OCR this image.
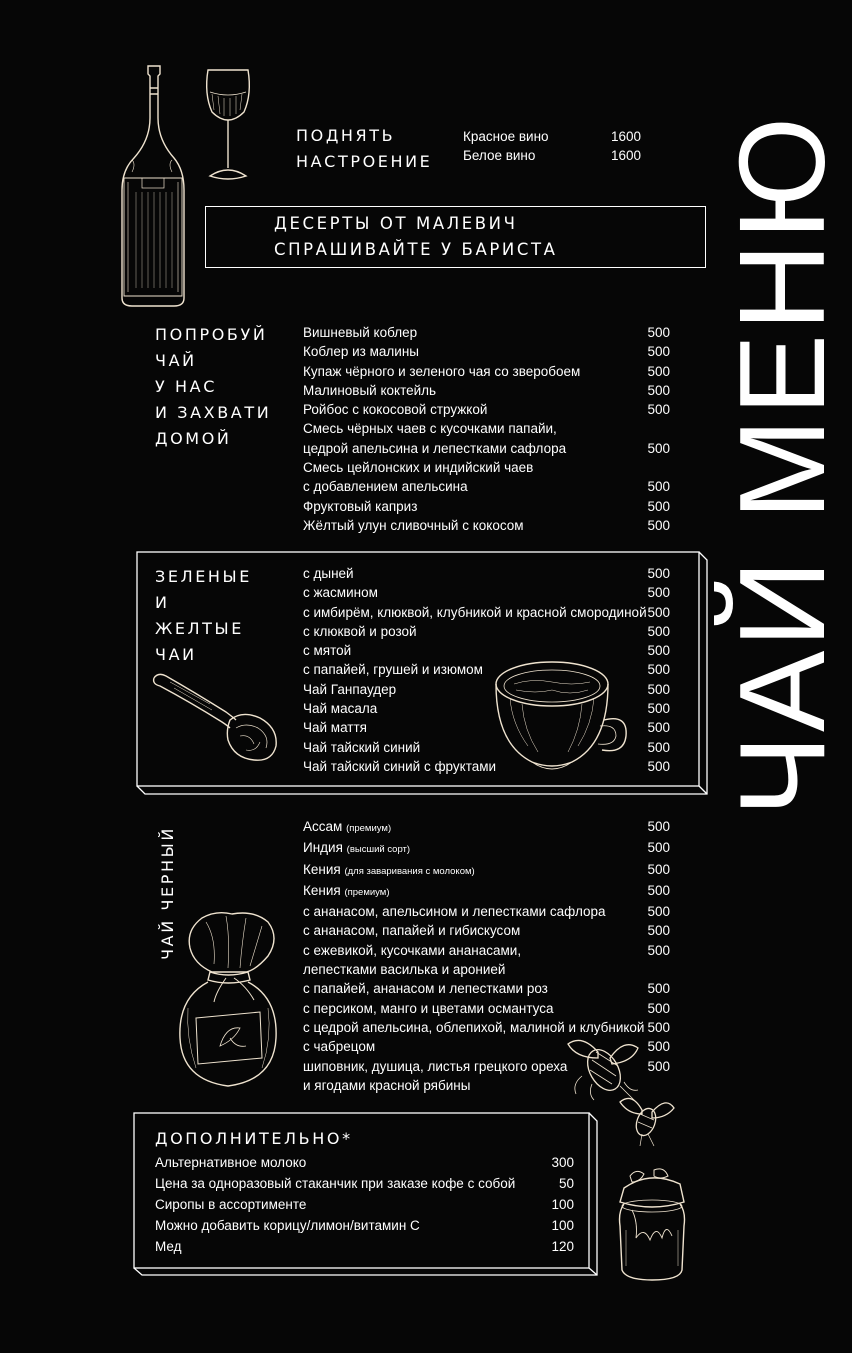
ЧАЙ МЕНЮ
ПОДНЯТЬ
НАСТРОЕНИЕ
Красное вино	1600
Белое вино	1600
ДЕСЕРТЫ ОТ МАЛЕВИЧ
СПРАШИВАЙТЕ У БАРИСТА
ПОПРОБУЙ
ЧАЙ
У НАС
И ЗАХВАТИ
ДОМОЙ
Вишневый коблер	500
Коблер из малины	500
Купаж чёрного и зеленого чая со зверобоем	500
Малиновый коктейль	500
Ройбос с кокосовой стружкой	500
Смесь чёрных чаев с кусочками папайи,
цедрой апельсина и лепестками сафлора	500
Смесь цейлонских и индийский чаев
с добавлением апельсина	500
Фруктовый каприз	500
Жёлтый улун сливочный с кокосом	500
ЗЕЛЕНЫЕ
И
ЖЕЛТЫЕ
ЧАИ
с дыней	500
с жасмином	500
с имбирём, клюквой, клубникой и красной смородиной 500
с клюквой и розой	500
с мятой	500
с папайей, грушей и изюмом	500
Чай Ганпаудер	500
Чай масала	500
Чай маття	500
Чай тайский синий	500
Чай тайский синий с фруктами	500
ЧАЙ ЧЕРНЫЙ	Ассам (премиум)	500
Индия (высший сорт)	500
Кения (для заваривания с молоком)	500
Кения (премиум)	500
с ананасом, апельсином и лепестками сафлора	500
с ананасом, папайей и гибискусом	500
с ежевикой, кусочками ананасами,	500
лепестками василька и аронией
с папайей, ананасом и лепестками роз	500
с персиком, манго и цветами османтуса	500
с цедрой апельсина, облепихой, малиной и клубникой 500
с чабрецом	500
шиповник, душица, листья грецкого ореха	500
и ягодами красной рябины
ДОПОЛНИТЕЛЬНО*
Альтернативное молоко	300
Цена за одноразовый стаканчик при заказе кофе с собой	50
Сиропы в ассортименте	100
Можно добавить корицу/лимон/витамин С	100
Мед	120
